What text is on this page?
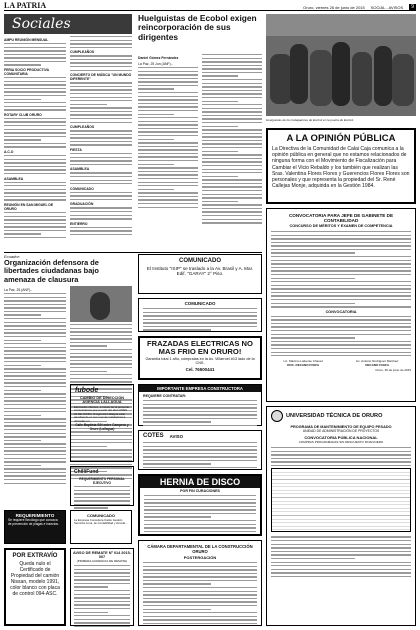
LA PATRIA	Oruro, viernes 26 de junio de 2015 SOCIAL - AVISOS	9
Sociales
AMPU REUNIÓN MENSUAL
FERIA SOCIO PRODUCTIVA COMUNITARIA
ROTARY CLUB ORURO
A.C.O
ASAMBLEA
REUNIÓN EN SAN MIGUEL DE ORURO
CUMPLEAÑOS
CONCIERTO DE MÚSICA "UN MUNDO DIFERENTE"
CUMPLEAÑOS
FIESTA
ASAMBLEA
COMUNICADO
GRADUACIÓN
ENTIERRO
Huelguistas de Ecobol exigen reincorporación de sus dirigentes
Daniel Gómez Fernández
La Paz, 25 Jun (ANF).-
Huelguistas de los trabajadores de Ecobol en la puerta de Ecobol.
A LA OPINIÓN PÚBLICA
La Directiva de la Comunidad de Calai Caja comunica a la opinión pública en general que no estamos relacionados de ninguna forma con el Movimiento de Fiscalización para Cambiar el Vicio Rebaldo y los también que realizan las Sras. Valentina Flores Flores y Guerencios Flores Flores son personales y que representa la propiedad del Sr. René Callejas Monje, adquirida en la Gestión 1984.
CONVOCATORIA PARA JEFE DE GABINETE DE CONTABILIDAD
CONCURSO DE MÉRITOS Y EXAMEN DE COMPETENCIA
CONVOCATORIA
Lic. Máximo Lafuente Chavez
DOC. DECANO FCEFA
Lic. Antonio Rodríguez Martínez
DECANO FCEFA
Oruro, 26 de junio de 2015
UNIVERSIDAD TÉCNICA DE ORURO
PROGRAMA DE MANTENIMIENTO DE EQUIPO PESADO
UNIDAD DE ADMINISTRACIÓN DE PROYECTOS
CONVOCATORIA PÚBLICA NACIONAL
COMPRAS PROGRAMADAS SIN DESCUENTO FINANCIERO
Ecuador:
Organización defensora de libertades ciudadanas bajo amenaza de clausura
La Paz, 25 (ANF).-
REQUERIMIENTO
Se requiere Becólogo que conozca de prevención de plagas e insectos.
POR EXTRAVÍO
Queda nulo el Certificado de Propiedad del camión Nissan, modelo 1991, color blanco con placa de control 094-ASC.
COMUNICADO
La Empresa Consultora Cielito Gestión Servicios Lima, de Contabilidad y Avícola...
COMUNICADO
El Instituto "ISIP" se traslado a la Av. Brasil y A. Mar. Edif. "GARAY" 2° Piso.
COMUNICADO
FRAZADAS ELECTRICAS NO MAS FRIO EN ORURO!
Garantía total 1 año, cómpralas en la Av. Villarroel #13 lado de la CNS.
Cel. 76500441
IMPORTANTE EMPRESA CONSTRUCTORA
REQUIERE CONTRATAR:
COTES AVISO
fubode
CAMBIO DE DIRECCIÓN AGENCIA LALLAGUA
Estimados clientes, a través de la presente comunicamos que a partir del día LUNES 22 DE JUNIO, la Agencia Lallagua está atendiendo en sus nuevas instalaciones ubicadas en:
Calle Baptista S/N entre Campero y Oruro (Lallagua)
ChilliFund
REQUERIMIENTO PERSONAL EJECUTIVO	HERNIA DE DISCO
POR FIN CURACIONES
AVISO DE REMATE Nº 014 2015-007
(PRIMERA AUDIENCIA DE REMATE)
CÁMARA DEPARTAMENTAL DE LA CONSTRUCCIÓN ORURO
POSTERGACIÓN
